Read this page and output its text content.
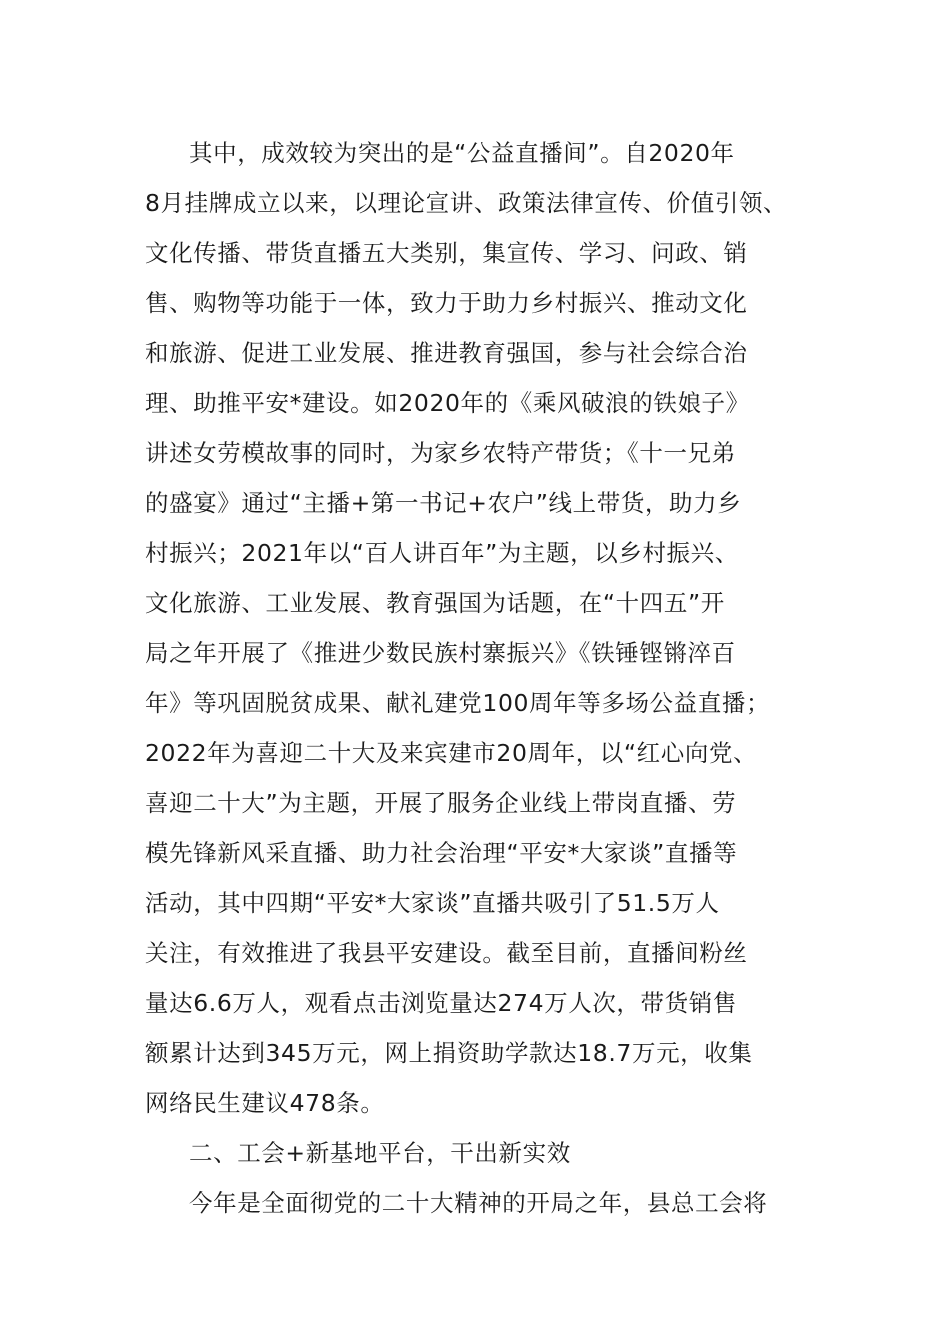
其中，成效较为突出的是“公益直播间”。自2020年
8月挂牌成立以来，以理论宣讲、政策法律宣传、价值引领、
文化传播、带货直播五大类别，集宣传、学习、问政、销
售、购物等功能于一体，致力于助力乡村振兴、推动文化
和旅游、促进工业发展、推进教育强国，参与社会综合治
理、助推平安*建设。如2020年的《乘风破浪的铁娘子》
讲述女劳模故事的同时，为家乡农特产带货；《十一兄弟
的盛宴》通过“主播+第一书记+农户”线上带货，助力乡
村振兴；2021年以“百人讲百年”为主题，以乡村振兴、
文化旅游、工业发展、教育强国为话题，在“十四五”开
局之年开展了《推进少数民族村寨振兴》《铁锤铿锵淬百
年》等巩固脱贫成果、献礼建党100周年等多场公益直播；
2022年为喜迎二十大及来宾建市20周年，以“红心向党、
喜迎二十大”为主题，开展了服务企业线上带岗直播、劳
模先锋新风采直播、助力社会治理“平安*大家谈”直播等
活动，其中四期“平安*大家谈”直播共吸引了51.5万人
关注，有效推进了我县平安建设。截至目前，直播间粉丝
量达6.6万人，观看点击浏览量达274万人次，带货销售
额累计达到345万元，网上捐资助学款达18.7万元，收集
网络民生建议478条。
二、工会+新基地平台，干出新实效
今年是全面彻党的二十大精神的开局之年，县总工会将
